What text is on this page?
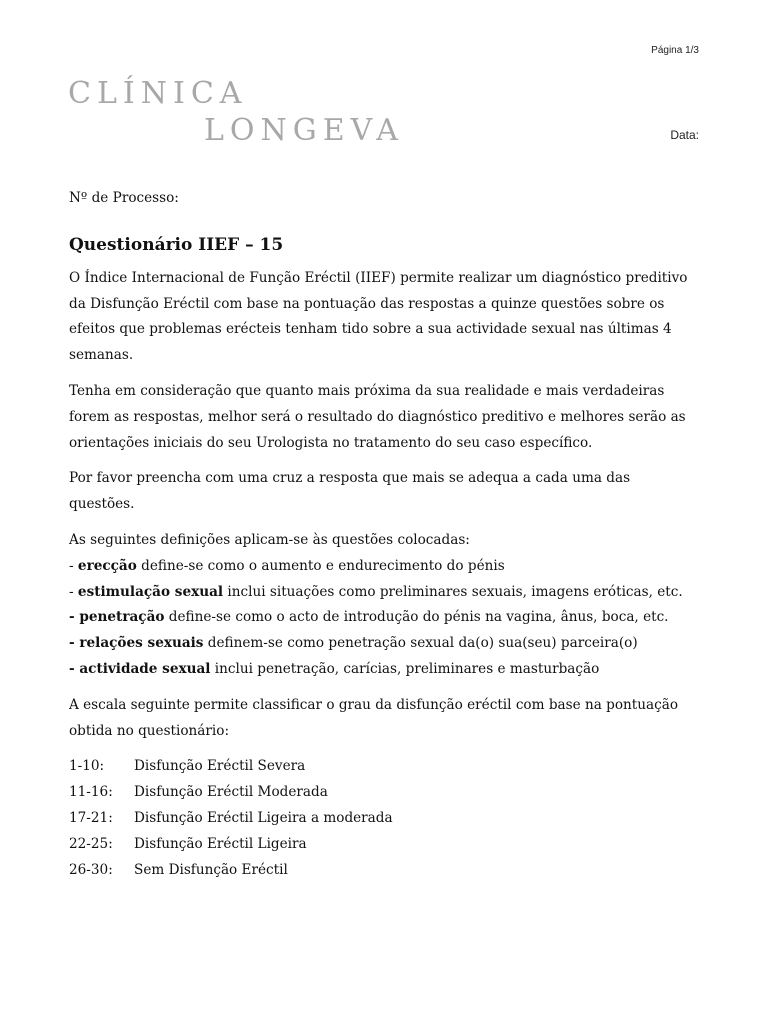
Página 1/3
CLÍNICA
LONGEVA	Data:

Nº de Processo:

Questionário IIEF – 15

O Índice Internacional de Função Eréctil (IIEF) permite realizar um diagnóstico preditivo da Disfunção Eréctil com base na pontuação das respostas a quinze questões sobre os efeitos que problemas erécteis tenham tido sobre a sua actividade sexual nas últimas 4 semanas.

Tenha em consideração que quanto mais próxima da sua realidade e mais verdadeiras forem as respostas, melhor será o resultado do diagnóstico preditivo e melhores serão as orientações iniciais do seu Urologista no tratamento do seu caso específico.

Por favor preencha com uma cruz a resposta que mais se adequa a cada uma das questões.

As seguintes definições aplicam-se às questões colocadas:

- erecção define-se como o aumento e endurecimento do pénis
- estimulação sexual inclui situações como preliminares sexuais, imagens eróticas, etc.
- penetração define-se como o acto de introdução do pénis na vagina, ânus, boca, etc.
- relações sexuais definem-se como penetração sexual da(o) sua(seu) parceira(o)
- actividade sexual inclui penetração, carícias, preliminares e masturbação

A escala seguinte permite classificar o grau da disfunção eréctil com base na pontuação obtida no questionário:

1-10:	Disfunção Eréctil Severa
11-16:	Disfunção Eréctil Moderada
17-21:	Disfunção Eréctil Ligeira a moderada
22-25:	Disfunção Eréctil Ligeira
26-30:	Sem Disfunção Eréctil
